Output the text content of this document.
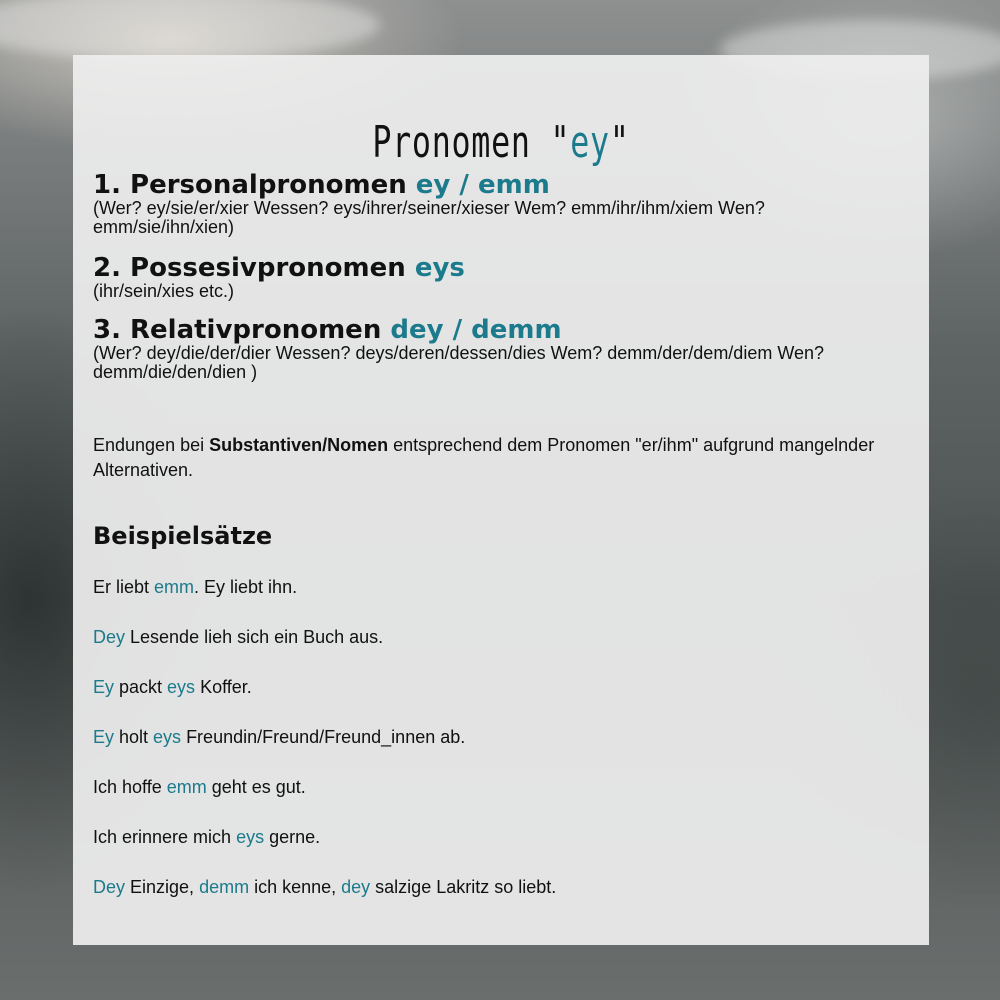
Pronomen "ey"
1. Personalpronomen ey / emm
(Wer? ey/sie/er/xier Wessen? eys/ihrer/seiner/xieser Wem? emm/ihr/ihm/xiem Wen? emm/sie/ihn/xien)
2. Possesivpronomen eys
(ihr/sein/xies etc.)
3. Relativpronomen dey / demm
(Wer? dey/die/der/dier Wessen? deys/deren/dessen/dies Wem? demm/der/dem/diem Wen? demm/die/den/dien )
Endungen bei Substantiven/Nomen entsprechend dem Pronomen "er/ihm" aufgrund mangelnder Alternativen.
Beispielsätze
Er liebt emm. Ey liebt ihn.
Dey Lesende lieh sich ein Buch aus.
Ey packt eys Koffer.
Ey holt eys Freundin/Freund/Freund_innen ab.
Ich hoffe emm geht es gut.
Ich erinnere mich eys gerne.
Dey Einzige, demm ich kenne, dey salzige Lakritz so liebt.
